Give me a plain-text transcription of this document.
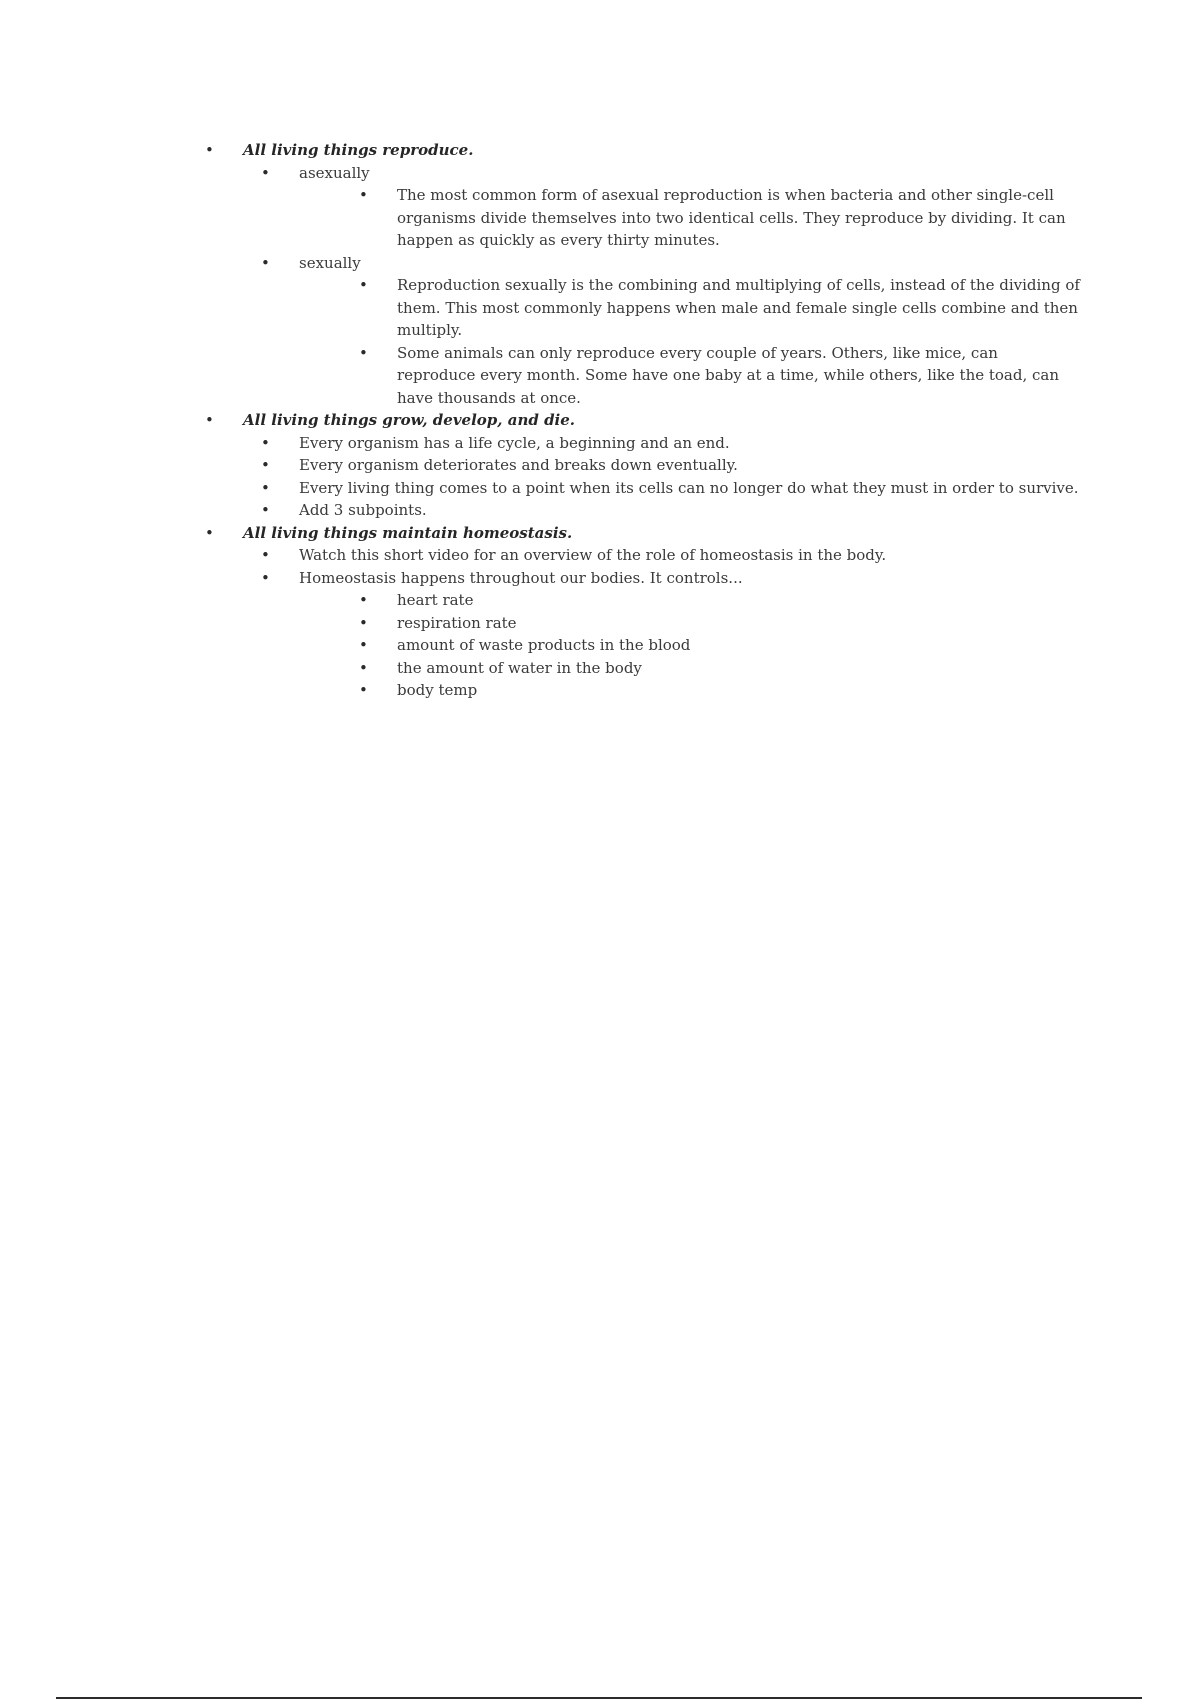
• All living things reproduce.
• asexually
• The most common form of asexual reproduction is when bacteria and other single-cell organisms divide themselves into two identical cells. They reproduce by dividing. It can happen as quickly as every thirty minutes.
• sexually
• Reproduction sexually is the combining and multiplying of cells, instead of the dividing of them. This most commonly happens when male and female single cells combine and then multiply.
• Some animals can only reproduce every couple of years. Others, like mice, can reproduce every month. Some have one baby at a time, while others, like the toad, can have thousands at once.
• All living things grow, develop, and die.
• Every organism has a life cycle, a beginning and an end.
• Every organism deteriorates and breaks down eventually.
• Every living thing comes to a point when its cells can no longer do what they must in order to survive.
• Add 3 subpoints.
• All living things maintain homeostasis.
• Watch this short video for an overview of the role of homeostasis in the body.
• Homeostasis happens throughout our bodies. It controls...
• heart rate
• respiration rate
• amount of waste products in the blood
• the amount of water in the body
• body temp
